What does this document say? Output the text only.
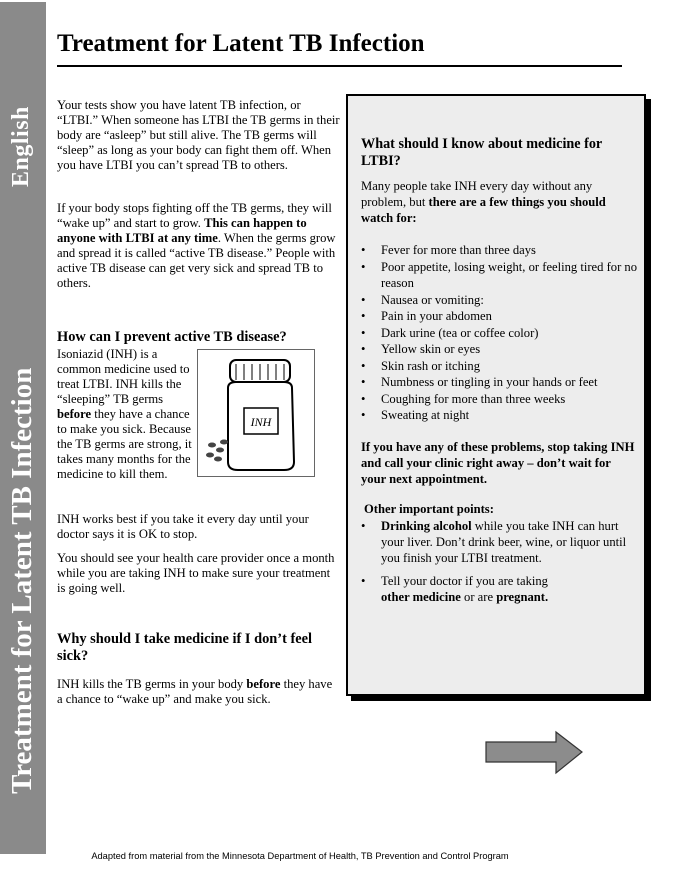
English
Treatment for Latent TB Infection
Treatment for Latent TB Infection

Your tests show you have latent TB infection, or “LTBI.” When someone has LTBI the TB germs in their body are “asleep” but still alive. The TB germs will “sleep” as long as your body can fight them off. When you have LTBI you can’t spread TB to others.

If your body stops fighting off the TB germs, they will “wake up” and start to grow. This can happen to anyone with LTBI at any time. When the germs grow and spread it is called “active TB disease.” People with active TB disease can get very sick and spread TB to others.

How can I prevent active TB disease?

Isoniazid (INH) is a common medicine used to treat LTBI. INH kills the “sleeping” TB germs before they have a chance to make you sick. Because the TB germs are strong, it takes many months for the medicine to kill them.

INH

INH works best if you take it every day until your doctor says it is OK to stop.

You should see your health care provider once a month while you are taking INH to make sure your treatment is going well.

Why should I take medicine if I don’t feel sick?

INH kills the TB germs in your body before they have a chance to “wake up” and make you sick.

What should I know about medicine for LTBI?

Many people take INH every day without any problem, but there are a few things you should watch for:

• Fever for more than three days
• Poor appetite, losing weight, or feeling tired for no reason
• Nausea or vomiting:
• Pain in your abdomen
• Dark urine (tea or coffee color)
• Yellow skin or eyes
• Skin rash or itching
• Numbness or tingling in your hands or feet
• Coughing for more than three weeks
• Sweating at night

If you have any of these problems, stop taking INH and call your clinic right away – don’t wait for your next appointment.

Other important points:

• Drinking alcohol while you take INH can hurt your liver. Don’t drink beer, wine, or liquor until you finish your LTBI treatment.
• Tell your doctor if you are taking
other medicine or are pregnant.
Adapted from material from the Minnesota Department of Health, TB Prevention and Control Program
